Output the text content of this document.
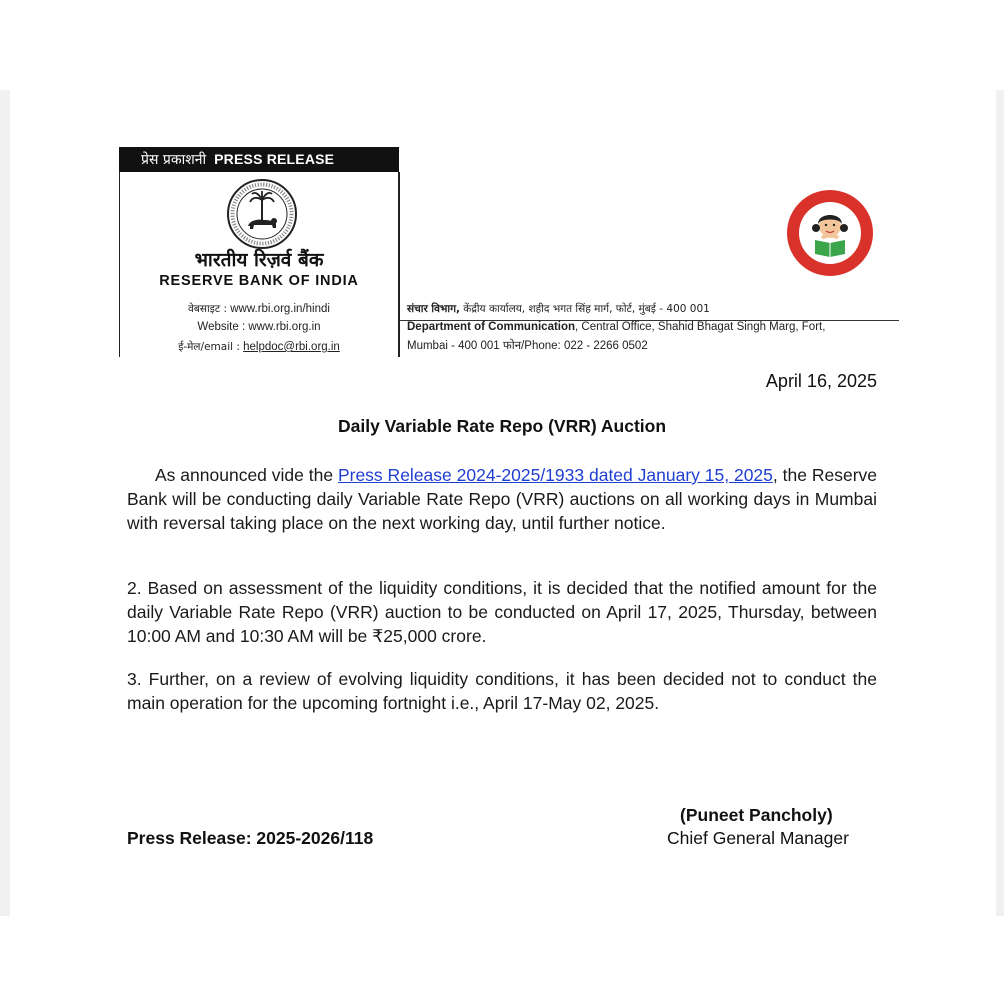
प्रेस प्रकाशनी PRESS RELEASE
भारतीय रिज़र्व बैंक
RESERVE BANK OF INDIA
वेबसाइट : www.rbi.org.in/hindi
Website : www.rbi.org.in
ई-मेल/email : helpdoc@rbi.org.in
संचार विभाग, केंद्रीय कार्यालय, शहीद भगत सिंह मार्ग, फोर्ट, मुंबई - 400 001
Department of Communication, Central Office, Shahid Bhagat Singh Marg, Fort,
Mumbai - 400 001 फोन/Phone: 022 - 2266 0502
April 16, 2025
Daily Variable Rate Repo (VRR) Auction
As announced vide the Press Release 2024-2025/1933 dated January 15, 2025, the Reserve Bank will be conducting daily Variable Rate Repo (VRR) auctions on all working days in Mumbai with reversal taking place on the next working day, until further notice.
2. Based on assessment of the liquidity conditions, it is decided that the notified amount for the daily Variable Rate Repo (VRR) auction to be conducted on April 17, 2025, Thursday, between 10:00 AM and 10:30 AM will be ₹25,000 crore.
3. Further, on a review of evolving liquidity conditions, it has been decided not to conduct the main operation for the upcoming fortnight i.e., April 17-May 02, 2025.
(Puneet Pancholy)
Chief General Manager
Press Release: 2025-2026/118
